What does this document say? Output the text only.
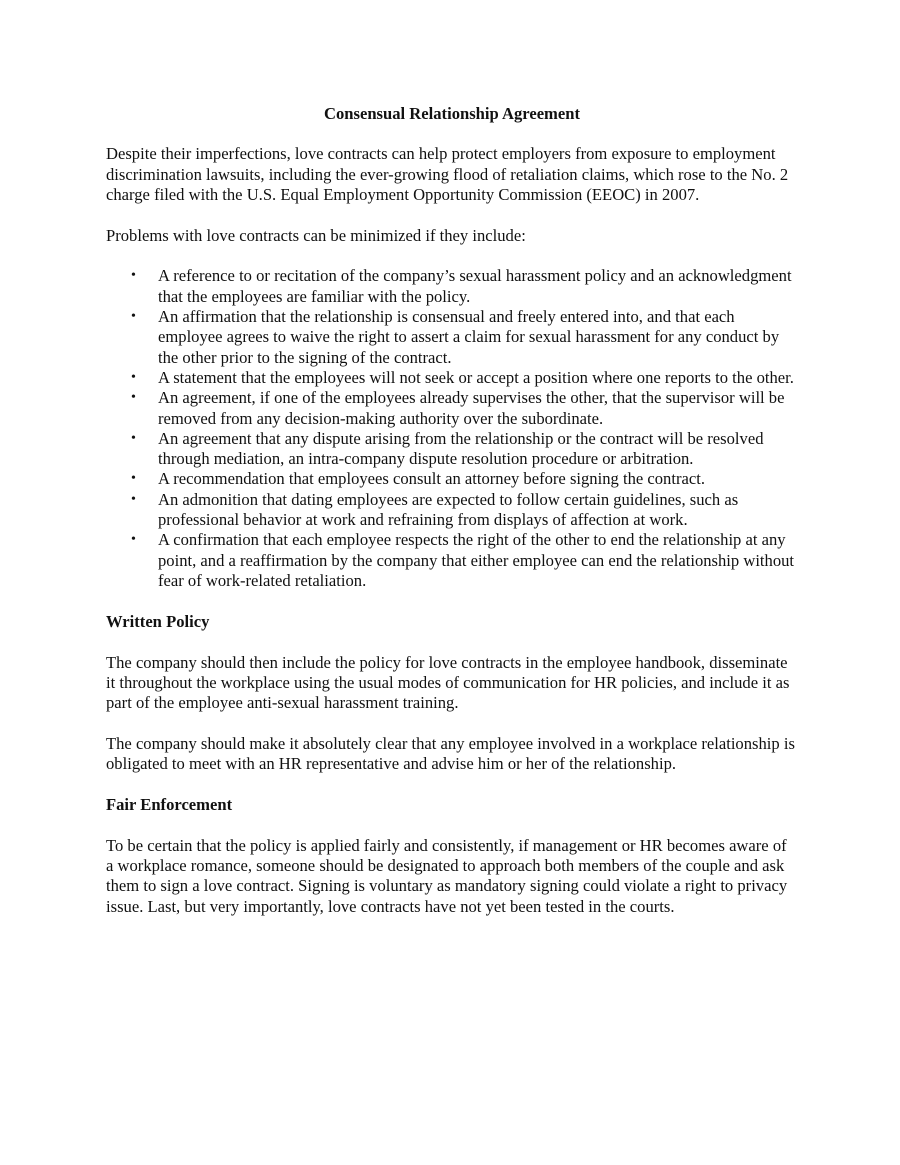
Consensual Relationship Agreement

Despite their imperfections, love contracts can help protect employers from exposure to employment discrimination lawsuits, including the ever-growing flood of retaliation claims, which rose to the No. 2 charge filed with the U.S. Equal Employment Opportunity Commission (EEOC) in 2007.

Problems with love contracts can be minimized if they include:

• A reference to or recitation of the company’s sexual harassment policy and an acknowledgment that the employees are familiar with the policy.
• An affirmation that the relationship is consensual and freely entered into, and that each employee agrees to waive the right to assert a claim for sexual harassment for any conduct by the other prior to the signing of the contract.
• A statement that the employees will not seek or accept a position where one reports to the other.
• An agreement, if one of the employees already supervises the other, that the supervisor will be removed from any decision-making authority over the subordinate.
• An agreement that any dispute arising from the relationship or the contract will be resolved through mediation, an intra-company dispute resolution procedure or arbitration.
• A recommendation that employees consult an attorney before signing the contract.
• An admonition that dating employees are expected to follow certain guidelines, such as professional behavior at work and refraining from displays of affection at work.
• A confirmation that each employee respects the right of the other to end the relationship at any point, and a reaffirmation by the company that either employee can end the relationship without fear of work-related retaliation.
Written Policy

The company should then include the policy for love contracts in the employee handbook, disseminate it throughout the workplace using the usual modes of communication for HR policies, and include it as part of the employee anti-sexual harassment training.

The company should make it absolutely clear that any employee involved in a workplace relationship is obligated to meet with an HR representative and advise him or her of the relationship.

Fair Enforcement

To be certain that the policy is applied fairly and consistently, if management or HR becomes aware of a workplace romance, someone should be designated to approach both members of the couple and ask them to sign a love contract. Signing is voluntary as mandatory signing could violate a right to privacy issue. Last, but very importantly, love contracts have not yet been tested in the courts.
